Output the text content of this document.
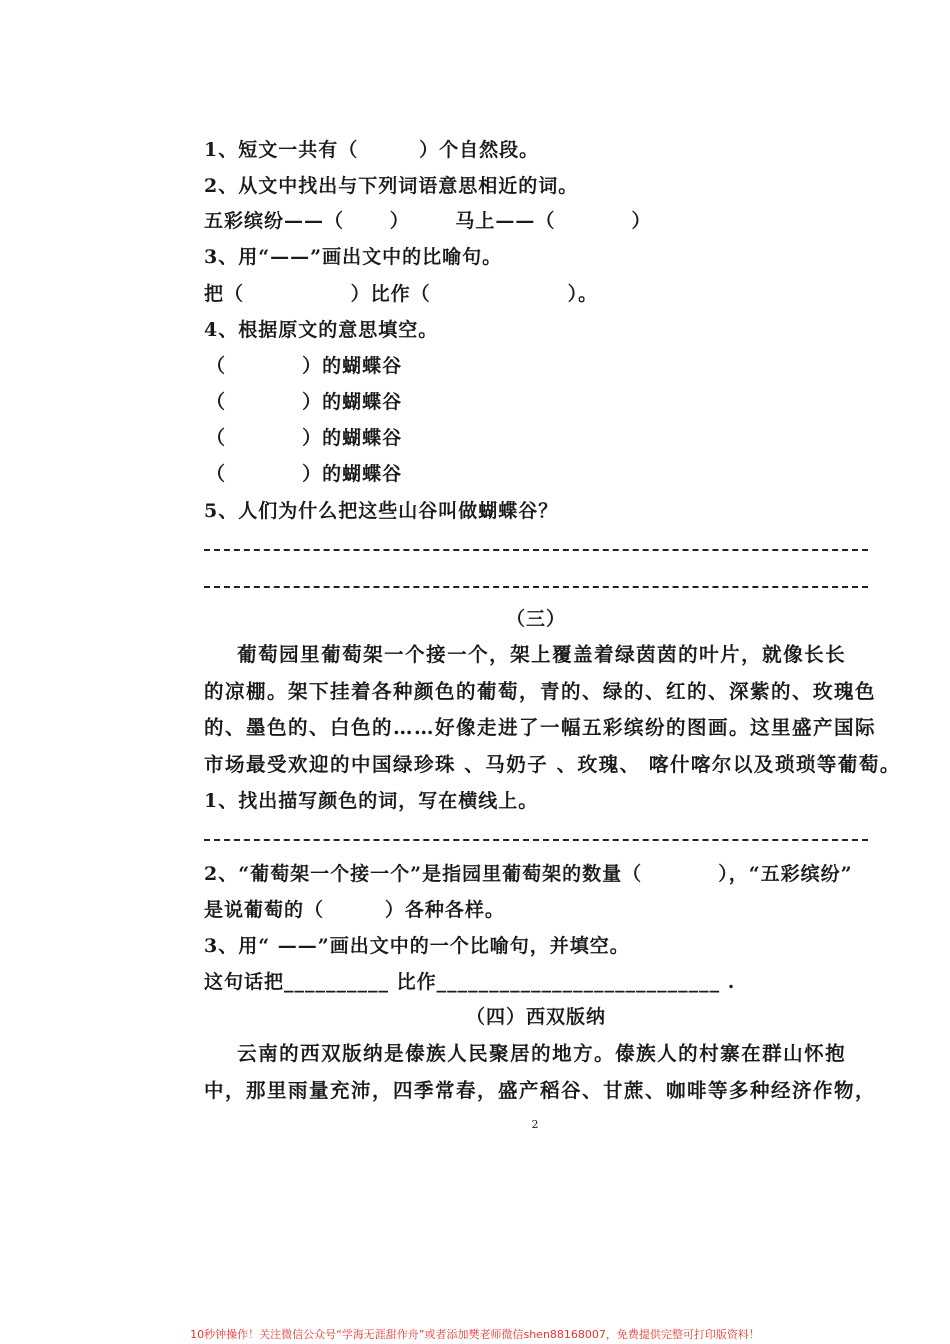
1、短文一共有（        ）个自然段。
2、从文中找出与下列词语意思相近的词。
五彩缤纷——（      ）      马上——（          ）
3、用“——”画出文中的比喻句。
把（              ）比作（                  ）。
4、根据原文的意思填空。
（          ）的蝴蝶谷
（          ）的蝴蝶谷
（          ）的蝴蝶谷
（          ）的蝴蝶谷
5、人们为什么把这些山谷叫做蝴蝶谷？
（三）

葡萄园里葡萄架一个接一个，架上覆盖着绿茵茵的叶片，就像长长

的凉棚。架下挂着各种颜色的葡萄，青的、绿的、红的、深紫的、玫瑰色

的、墨色的、白色的……好像走进了一幅五彩缤纷的图画。这里盛产国际

市场最受欢迎的中国绿珍珠 、马奶子 、玫瑰、 喀什喀尔以及琐琐等葡萄。

1、找出描写颜色的词，写在横线上。
2、“葡萄架一个接一个”是指园里葡萄架的数量（          ），“五彩缤纷”
是说葡萄的（        ）各种各样。
3、用“ ——”画出文中的一个比喻句，并填空。
这句话把__________ 比作___________________________ .
（四）西双版纳

云南的西双版纳是傣族人民聚居的地方。傣族人的村寨在群山怀抱

中，那里雨量充沛，四季常春，盛产稻谷、甘蔗、咖啡等多种经济作物，

2
10秒钟操作！关注微信公众号“学海无涯甜作舟”或者添加樊老师微信shen88168007，免费提供完整可打印版资料！
